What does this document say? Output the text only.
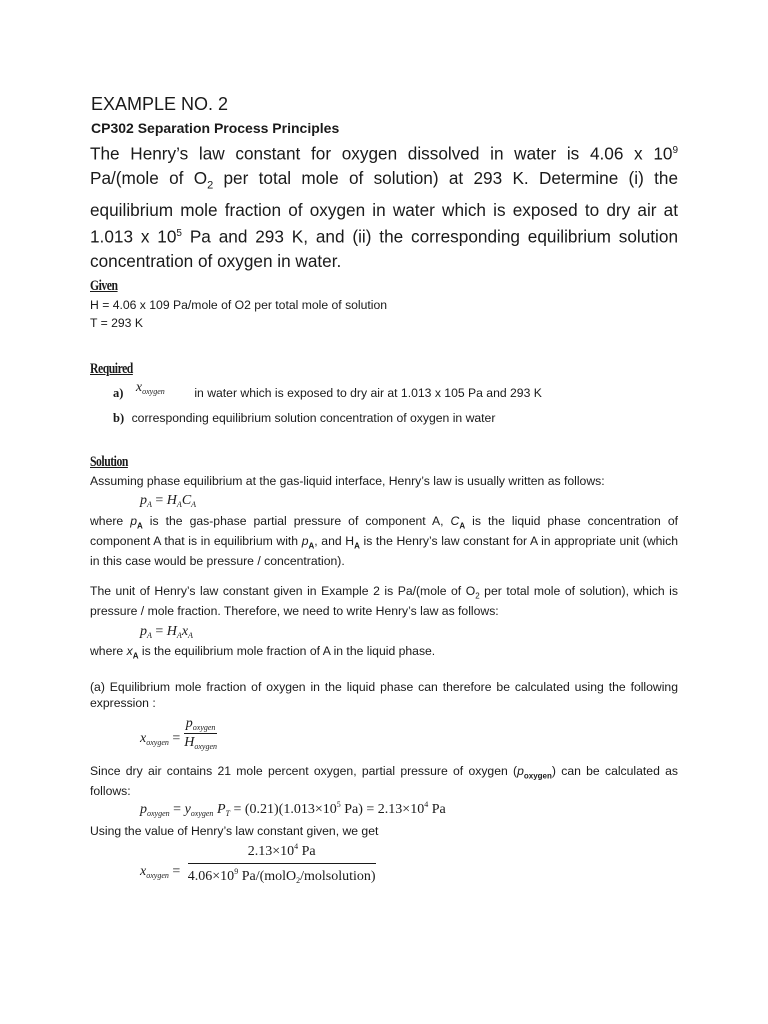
EXAMPLE NO. 2
CP302 Separation Process Principles

The Henry’s law constant for oxygen dissolved in water is 4.06 x $10^9$ Pa/(mole of $O_2$ per total mole of solution) at 293 K. Determine (i) the equilibrium mole fraction of oxygen in water which is exposed to dry air at 1.013 x $10^5$ Pa and 293 K, and (ii) the corresponding equilibrium solution concentration of oxygen in water.

Given
H = 4.06 x 109 Pa/mole of O2 per total mole of solution
T = 293 K
Required
a) $x_{oxygen}$ in water which is exposed to dry air at 1.013 x 105 Pa and 293 K
b) corresponding equilibrium solution concentration of oxygen in water
Solution
Assuming phase equilibrium at the gas-liquid interface, Henry’s law is usually written as follows:
$p_A = H_AC_A$

where $p_A$ is the gas-phase partial pressure of component A, $C_A$ is the liquid phase concentration of component A that is in equilibrium with $p_A$, and $H_A$ is the Henry’s law constant for A in appropriate unit (which in this case would be pressure / concentration).

The unit of Henry’s law constant given in Example 2 is Pa/(mole of $O_2$ per total mole of solution), which is pressure / mole fraction. Therefore, we need to write Henry’s law as follows:

$p_A = H_Ax_A$
where $x_A$ is the equilibrium mole fraction of A in the liquid phase.

(a) Equilibrium mole fraction of oxygen in the liquid phase can therefore be calculated using the following expression :

$x_{oxygen} = \frac{p_{oxygen}}{H_{oxygen}}$

Since dry air contains 21 mole percent oxygen, partial pressure of oxygen $(p_{oxygen})$ can be calculated as follows:

$p_{oxygen} = y_{oxygen}$ $P_T = (0.21)(1.013\times 10^5$ $Pa) = 2.13\times 10^4$ Pa
Using the value of Henry’s law constant given, we get
$x_{oxygen} = \frac{2.13\times 10^4 Pa}{4.06\times 10^9 Pa/(molO_2/molsolution)}$
